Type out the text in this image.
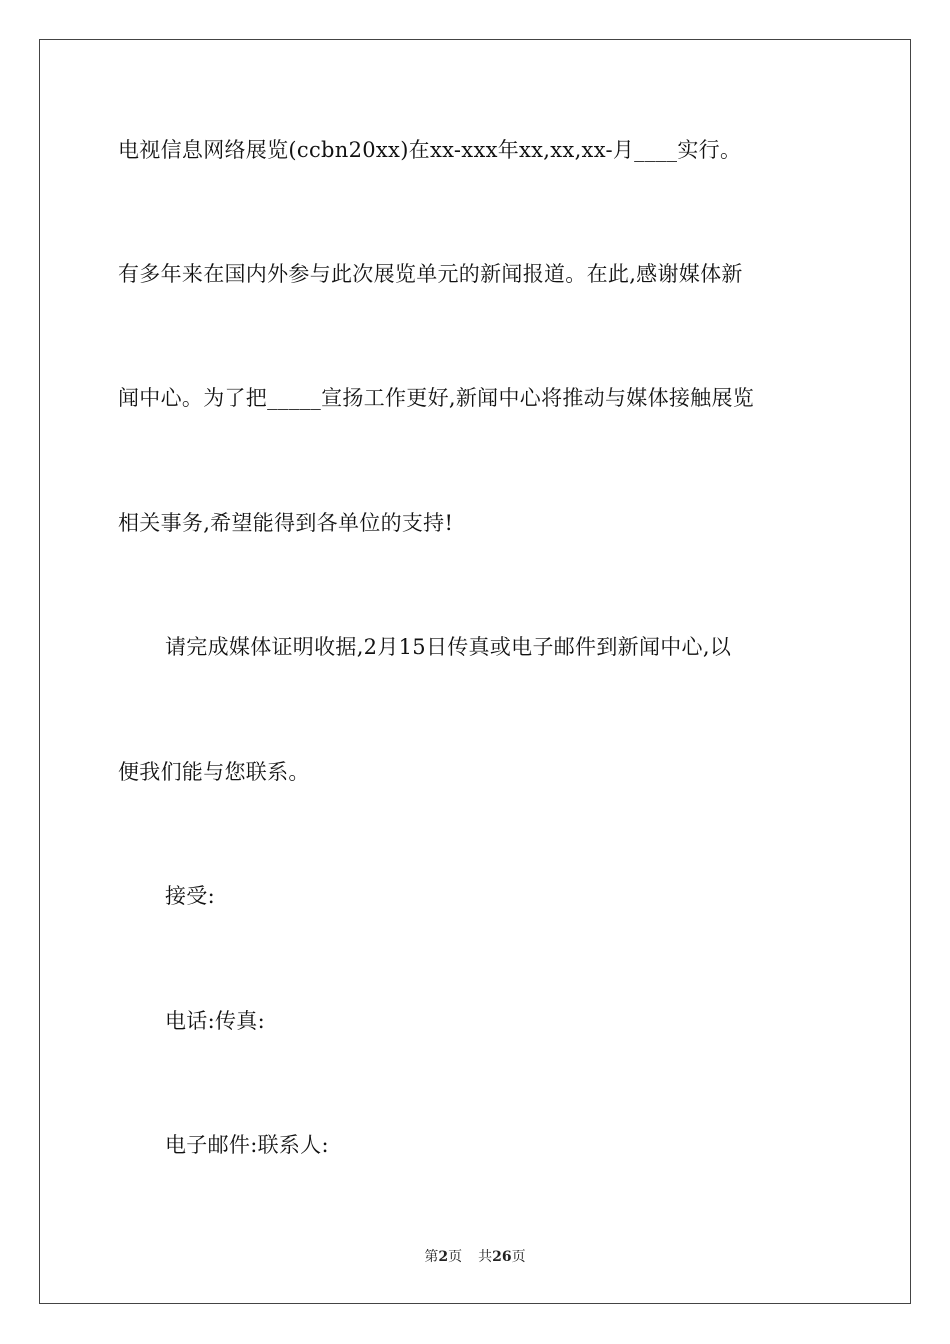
电视信息网络展览(ccbn20xx)在xx-xxx年xx,xx,xx-月____实行。
有多年来在国内外参与此次展览单元的新闻报道。在此,感谢媒体新
闻中心。为了把_____宣扬工作更好,新闻中心将推动与媒体接触展览
相关事务,希望能得到各单位的支持!
请完成媒体证明收据,2月15日传真或电子邮件到新闻中心,以
便我们能与您联系。
接受:
电话:传真:
电子邮件:联系人:
第2页 共26页
